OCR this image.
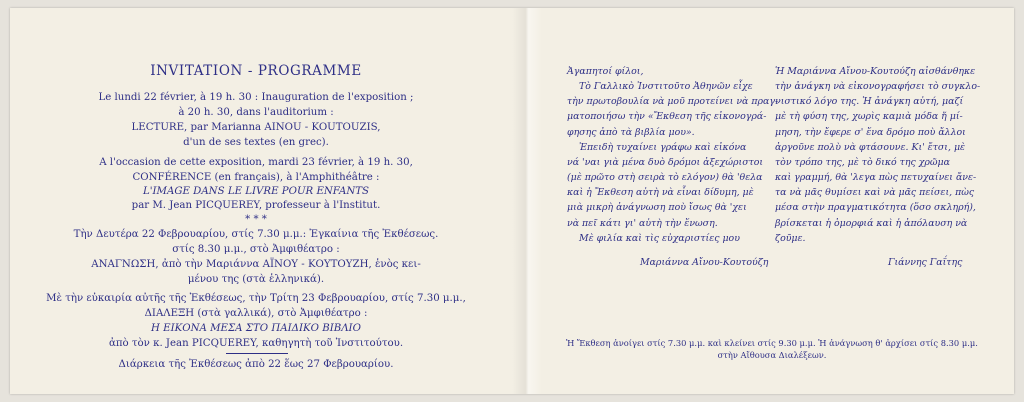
INVITATION - PROGRAMME
Le lundi 22 février, à 19 h. 30 : Inauguration de l'exposition ;
à 20 h. 30, dans l'auditorium :
LECTURE, par Marianna AINOU - KOUTOUZIS,
d'un de ses textes (en grec).
A l'occasion de cette exposition, mardi 23 février, à 19 h. 30,
CONFÉRENCE (en français), à l'Amphithéâtre :
L'IMAGE DANS LE LIVRE POUR ENFANTS
par M. Jean PICQUEREY, professeur à l'Institut.
* * *
Τὴν Δευτέρα 22 Φεβρουαρίου, στίς 7.30 μ.μ.: Ἐγκαίνια τῆς Ἐκθέσεως.
στίς 8.30 μ.μ., στὸ Ἀμφιθέατρο :
ΑΝΑΓΝΩΣΗ, ἀπὸ τὴν Μαριάννα ΑΪΝΟΥ - ΚΟΥΤΟΥΖΗ, ἑνὸς κει-
μένου της (στὰ ἑλληνικά).
Μὲ τὴν εὐκαιρία αὐτῆς τῆς Ἐκθέσεως, τὴν Τρίτη 23 Φεβρουαρίου, στίς 7.30 μ.μ.,
ΔΙΑΛΕΞΗ (στὰ γαλλικά), στὸ Ἀμφιθέατρο :
Η ΕΙΚΟΝΑ ΜΕΣΑ ΣΤΟ ΠΑΙΔΙΚΟ ΒΙΒΛΙΟ
ἀπὸ τὸν κ. Jean PICQUEREY, καθηγητὴ τοῦ Ἰνστιτούτου.
Διάρκεια τῆς Ἐκθέσεως ἀπὸ 22 ἕως 27 Φεβρουαρίου.
Ἀγαπητοί φίλοι,
Τὸ Γαλλικὸ Ἰνστιτοῦτο Ἀθηνῶν εἶχε
τὴν πρωτοβουλία νὰ μοῦ προτείνει νὰ πραγ-
ματοποιήσω τὴν «Ἔκθεση τῆς εἰκονογρά-
φησης ἀπὸ τὰ βιβλία μου».
Ἐπειδὴ τυχαίνει γράφω καὶ εἰκόνα
νά 'ναι γιὰ μένα δυὸ δρόμοι ἀξεχώριστοι
(μὲ πρῶτο στὴ σειρὰ τὸ ελόγον) θὰ 'θελα
καὶ ἡ Ἔκθεση αὐτὴ νὰ εἶναι δίδυμη, μὲ
μιὰ μικρὴ ἀνάγνωση ποὺ ἴσως θὰ 'χει
νὰ πεῖ κάτι γι' αὐτὴ τὴν ἕνωση.
Μὲ φιλία καὶ τὶς εὐχαριστίες μου
Μαριάννα Αἴνου-Κουτούζη
Ἡ Μαριάννα Αἴνου-Κουτούζη αἰσθάνθηκε
τὴν ἀνάγκη νὰ εἰκονογραφήσει τὸ συγκλο-
νιστικό λόγο της. Ἡ ἀνάγκη αὐτή, μαζί
μὲ τὴ φύση της, χωρὶς καμιὰ μόδα ἤ μί-
μηση, τὴν ἔφερε σ' ἕνα δρόμο ποὺ ἄλλοι
ἀργοῦνε πολὺ νὰ φτάσουνε. Κι' ἔτσι, μὲ
τὸν τρόπο της, μὲ τὸ δικό της χρῶμα
καὶ γραμμή, θὰ 'λεγα πὼς πετυχαίνει ἄνε-
τα νὰ μᾶς θυμίσει καὶ νὰ μᾶς πείσει, πὼς
μέσα στὴν πραγματικότητα (ὅσο σκληρή),
βρίσκεται ἡ ὁμορφιά καὶ ἡ ἀπόλαυση νὰ
ζοῦμε.
Γιάννης Γαΐτης
Ἡ Ἔκθεση ἀνοίγει στίς 7.30 μ.μ. καὶ κλείνει στίς 9.30 μ.μ. Ἡ ἀνάγνωση θ' ἀρχίσει στίς 8.30 μ.μ.
στὴν Αἴθουσα Διαλέξεων.
